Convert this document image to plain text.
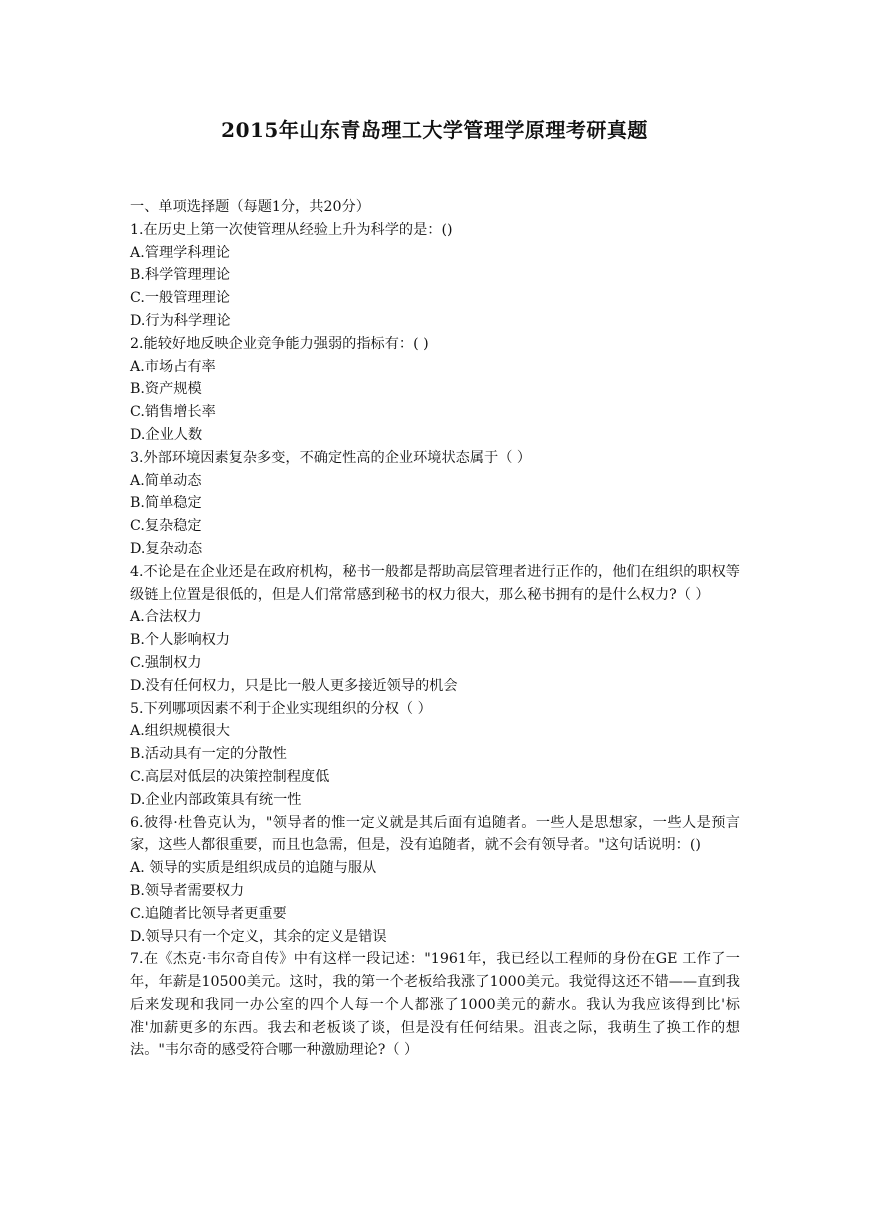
2015年山东青岛理工大学管理学原理考研真题
一、单项选择题（每题1分，共20分）
1.在历史上第一次使管理从经验上升为科学的是：()
A.管理学科理论
B.科学管理理论
C.一般管理理论
D.行为科学理论
2.能较好地反映企业竞争能力强弱的指标有：( )
A.市场占有率
B.资产规模
C.销售增长率
D.企业人数
3.外部环境因素复杂多变，不确定性高的企业环境状态属于（ ）
A.简单动态
B.简单稳定
C.复杂稳定
D.复杂动态
4.不论是在企业还是在政府机构，秘书一般都是帮助高层管理者进行正作的，他们在组织的职权等级链上位置是很低的，但是人们常常感到秘书的权力很大，那么秘书拥有的是什么权力?（ ）
A.合法权力
B.个人影响权力
C.强制权力
D.没有任何权力，只是比一般人更多接近领导的机会
5.下列哪项因素不利于企业实现组织的分权（ ）
A.组织规模很大
B.活动具有一定的分散性
C.高层对低层的决策控制程度低
D.企业内部政策具有统一性
6.彼得·杜鲁克认为，"领导者的惟一定义就是其后面有追随者。一些人是思想家，一些人是预言家，这些人都很重要，而且也急需，但是，没有追随者，就不会有领导者。"这句话说明：()
A. 领导的实质是组织成员的追随与服从
B.领导者需要权力
C.追随者比领导者更重要
D.领导只有一个定义，其余的定义是错误
7.在《杰克·韦尔奇自传》中有这样一段记述："1961年，我已经以工程师的身份在GE 工作了一年，年薪是10500美元。这时，我的第一个老板给我涨了1000美元。我觉得这还不错——直到我后来发现和我同一办公室的四个人每一个人都涨了1000美元的薪水。我认为我应该得到比'标准'加薪更多的东西。我去和老板谈了谈，但是没有任何结果。沮丧之际，我萌生了换工作的想法。"韦尔奇的感受符合哪一种激励理论?（ ）
